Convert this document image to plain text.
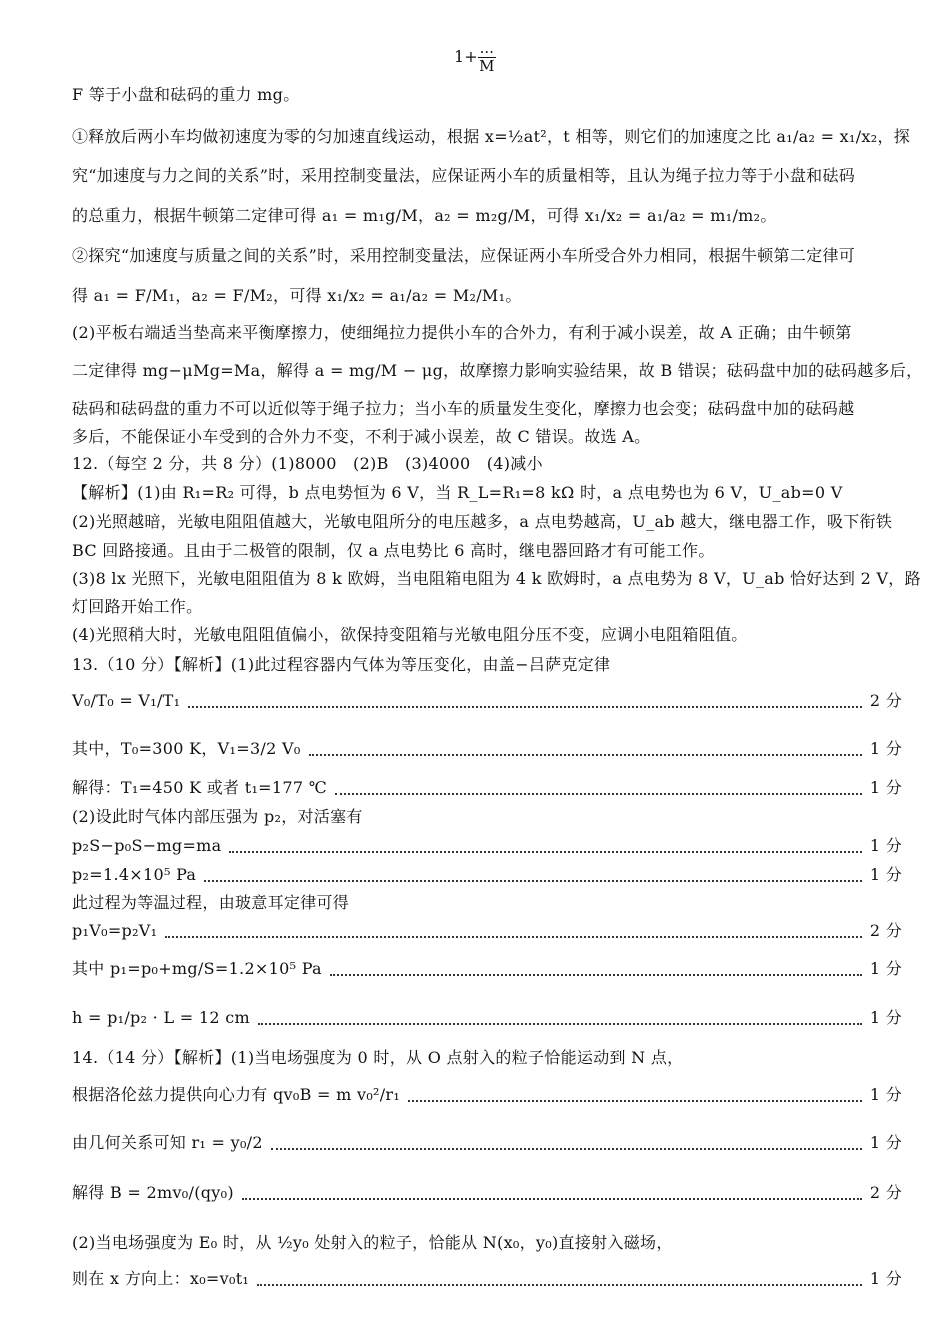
$1+ \frac{...}{M}$
F 等于小盘和砝码的重力 mg。
①释放后两小车均做初速度为零的匀加速直线运动，根据 x=½at²，t 相等，则它们的加速度之比 a₁/a₂ = x₁/x₂，探
究“加速度与力之间的关系”时，采用控制变量法，应保证两小车的质量相等，且认为绳子拉力等于小盘和砝码
的总重力，根据牛顿第二定律可得 a₁ = m₁g/M，a₂ = m₂g/M，可得 x₁/x₂ = a₁/a₂ = m₁/m₂。
②探究“加速度与质量之间的关系”时，采用控制变量法，应保证两小车所受合外力相同，根据牛顿第二定律可
得 a₁ = F/M₁，a₂ = F/M₂，可得 x₁/x₂ = a₁/a₂ = M₂/M₁。
(2)平板右端适当垫高来平衡摩擦力，使细绳拉力提供小车的合外力，有利于减小误差，故 A 正确；由牛顿第
二定律得 mg−μMg=Ma，解得 a = mg/M − μg，故摩擦力影响实验结果，故 B 错误；砝码盘中加的砝码越多后，
砝码和砝码盘的重力不可以近似等于绳子拉力；当小车的质量发生变化，摩擦力也会变；砝码盘中加的砝码越
多后，不能保证小车受到的合外力不变，不利于减小误差，故 C 错误。故选 A。
12.（每空 2 分，共 8 分）(1)8000　(2)B　(3)4000　(4)减小
【解析】(1)由 R₁=R₂ 可得，b 点电势恒为 6 V，当 R_L=R₁=8 kΩ 时，a 点电势也为 6 V，U_ab=0 V
(2)光照越暗，光敏电阻阻值越大，光敏电阻所分的电压越多，a 点电势越高，U_ab 越大，继电器工作，吸下衔铁
BC 回路接通。且由于二极管的限制，仅 a 点电势比 6 高时，继电器回路才有可能工作。
(3)8 lx 光照下，光敏电阻阻值为 8 k 欧姆，当电阻箱电阻为 4 k 欧姆时，a 点电势为 8 V，U_ab 恰好达到 2 V，路
灯回路开始工作。
(4)光照稍大时，光敏电阻阻值偏小，欲保持变阻箱与光敏电阻分压不变，应调小电阻箱阻值。
13.（10 分）【解析】(1)此过程容器内气体为等压变化，由盖−吕萨克定律
V₀/T₀ = V₁/T₁	2 分
其中，T₀=300 K，V₁=3/2 V₀	1 分
解得：T₁=450 K 或者 t₁=177 ℃	1 分
(2)设此时气体内部压强为 p₂，对活塞有
p₂S−p₀S−mg=ma	1 分
p₂=1.4×10⁵ Pa	1 分
此过程为等温过程，由玻意耳定律可得
p₁V₀=p₂V₁	2 分
其中 p₁=p₀+mg/S=1.2×10⁵ Pa	1 分
h = p₁/p₂ · L = 12 cm	1 分
14.（14 分）【解析】(1)当电场强度为 0 时，从 O 点射入的粒子恰能运动到 N 点，
根据洛伦兹力提供向心力有 qv₀B = m v₀²/r₁	1 分
由几何关系可知 r₁ = y₀/2	1 分
解得 B = 2mv₀/(qy₀)	2 分
(2)当电场强度为 E₀ 时，从 ½y₀ 处射入的粒子，恰能从 N(x₀，y₀)直接射入磁场，
则在 x 方向上：x₀=v₀t₁	1 分
